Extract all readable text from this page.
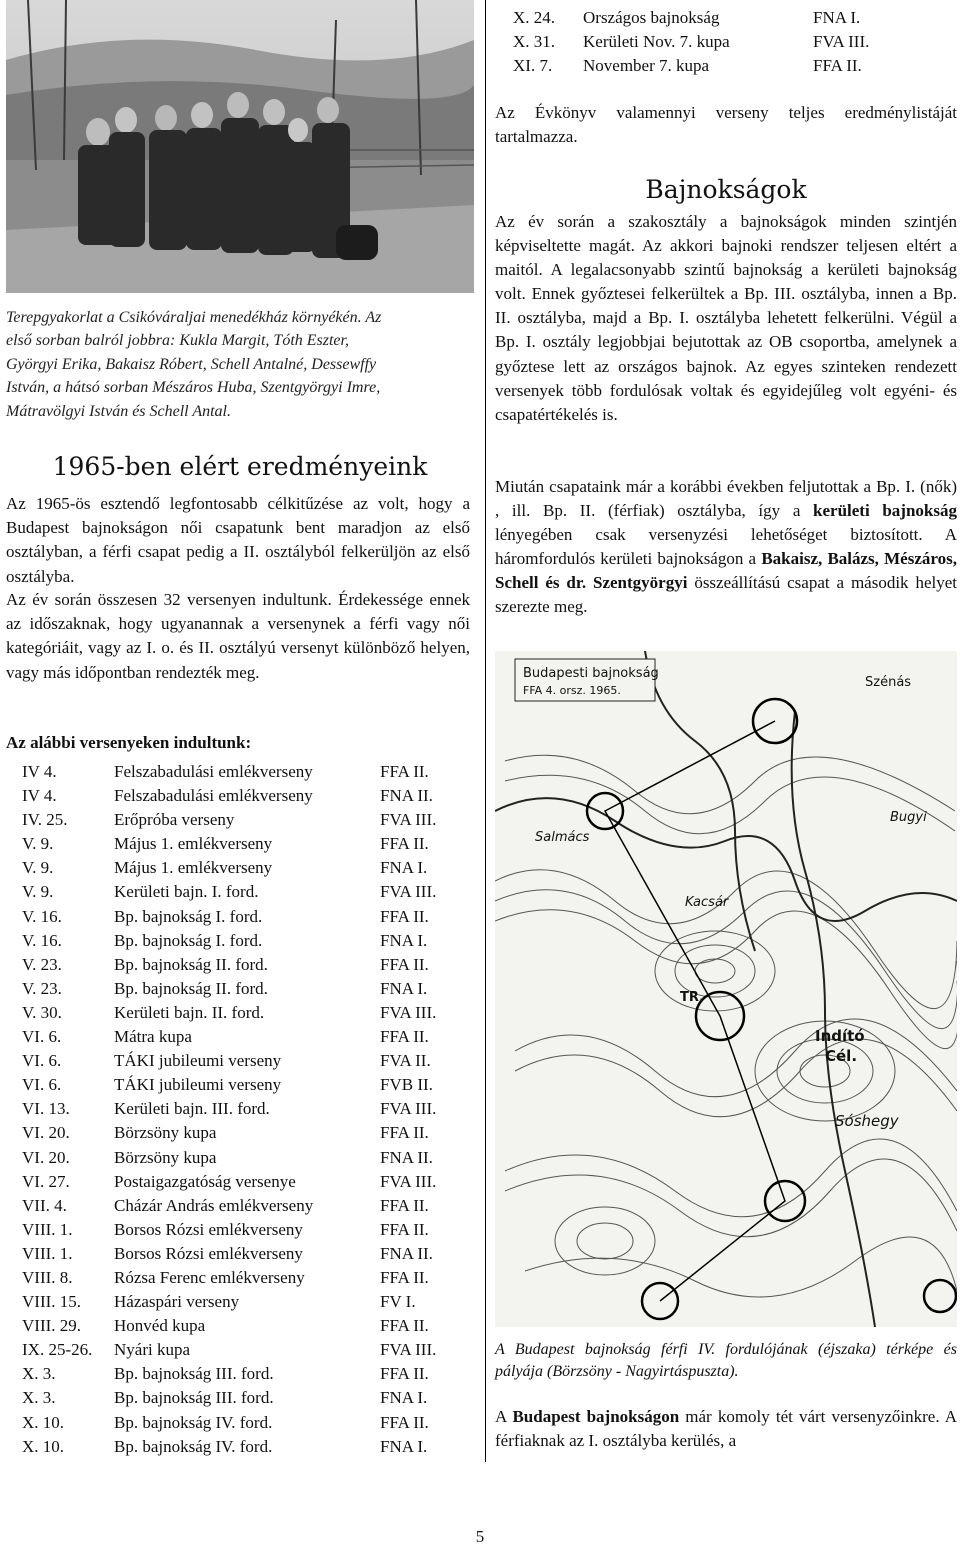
Terepgyakorlat a Csikóváraljai menedékház környékén. Az
első sorban balról jobbra: Kukla Margit, Tóth Eszter,
Györgyi Erika, Bakaisz Róbert, Schell Antalné, Dessewffy
István, a hátsó sorban Mészáros Huba, Szentgyörgyi Imre,
Mátravölgyi István és Schell Antal.
1965-ben elért eredményeink
Az 1965-ös esztendő legfontosabb célkitűzése az volt, hogy a Budapest bajnokságon női csapatunk bent maradjon az első osztályban, a férfi csapat pedig a II. osztályból felkerüljön az első osztályba.
Az év során összesen 32 versenyen indultunk. Érdekessége ennek az időszaknak, hogy ugyanannak a versenynek a férfi vagy női kategóriáit, vagy az I. o. és II. osztályú versenyt különböző helyen, vagy más időpontban rendezték meg.
Az alábbi versenyeken indultunk:
IV 4.	Felszabadulási emlékverseny	FFA II.
IV 4.	Felszabadulási emlékverseny	FNA II.
IV. 25.	Erőpróba verseny	FVA III.
V. 9.	Május 1. emlékverseny	FFA II.
V. 9.	Május 1. emlékverseny	FNA I.
V. 9.	Kerületi bajn. I. ford.	FVA III.
V. 16.	Bp. bajnokság I. ford.	FFA II.
V. 16.	Bp. bajnokság I. ford.	FNA I.
V. 23.	Bp. bajnokság II. ford.	FFA II.
V. 23.	Bp. bajnokság II. ford.	FNA I.
V. 30.	Kerületi bajn. II. ford.	FVA III.
VI. 6.	Mátra kupa	FFA II.
VI. 6.	TÁKI jubileumi verseny	FVA II.
VI. 6.	TÁKI jubileumi verseny	FVB II.
VI. 13.	Kerületi bajn. III. ford.	FVA III.
VI. 20.	Börzsöny kupa	FFA II.
VI. 20.	Börzsöny kupa	FNA II.
VI. 27.	Postaigazgatóság versenye	FVA III.
VII. 4.	Cházár András emlékverseny	FFA II.
VIII. 1. Borsos Rózsi emlékverseny	FFA II.
VIII. 1. Borsos Rózsi emlékverseny	FNA II.
VIII. 8. Rózsa Ferenc emlékverseny	FFA II.
VIII. 15. Házaspári verseny	FV I.
VIII. 29. Honvéd kupa	FFA II.
IX. 25-26. Nyári kupa	FVA III.
X. 3.	Bp. bajnokság III. ford.	FFA II.
X. 3.	Bp. bajnokság III. ford.	FNA I.
X. 10.	Bp. bajnokság IV. ford.	FFA II.
X. 10.	Bp. bajnokság IV. ford.	FNA I.
X. 24. Országos bajnokság	FNA I.
X. 31. Kerületi Nov. 7. kupa	FVA III.
XI. 7. November 7. kupa	FFA II.
Az Évkönyv valamennyi verseny teljes eredménylistáját tartalmazza.
Bajnokságok
Az év során a szakosztály a bajnokságok minden szintjén képviseltette magát. Az akkori bajnoki rendszer teljesen eltért a maitól. A legalacsonyabb szintű bajnokság a kerületi bajnokság volt. Ennek győztesei felkerültek a Bp. III. osztályba, innen a Bp. II. osztályba, majd a Bp. I. osztályba lehetett felkerülni. Végül a Bp. I. osztály legjobbjai bejutottak az OB csoportba, amelynek a győztese lett az országos bajnok. Az egyes szinteken rendezett versenyek több fordulósak voltak és egyidejűleg volt egyéni- és csapatértékelés is.
Miután csapataink már a korábbi években feljutottak a Bp. I. (nők) , ill. Bp. II. (férfiak) osztályba, így a kerületi bajnokság lényegében csak versenyzési lehetőséget biztosított. A háromfordulós kerületi bajnokságon a Bakaisz, Balázs, Mészáros, Schell és dr. Szentgyörgyi összeállítású csapat a második helyet szerezte meg.
Budapesti bajnokság
FFA 4. orsz. 1965.
TR.
Indító
Cél.
Szénás
Sóshegy
Salmács
Kacsár
Bugyi
A Budapest bajnokság férfi IV. fordulójának (éjszaka) térképe és pályája (Börzsöny - Nagyirtáspuszta).
A Budapest bajnokságon már komoly tét várt versenyzőinkre. A férfiaknak az I. osztályba kerülés, a
5
